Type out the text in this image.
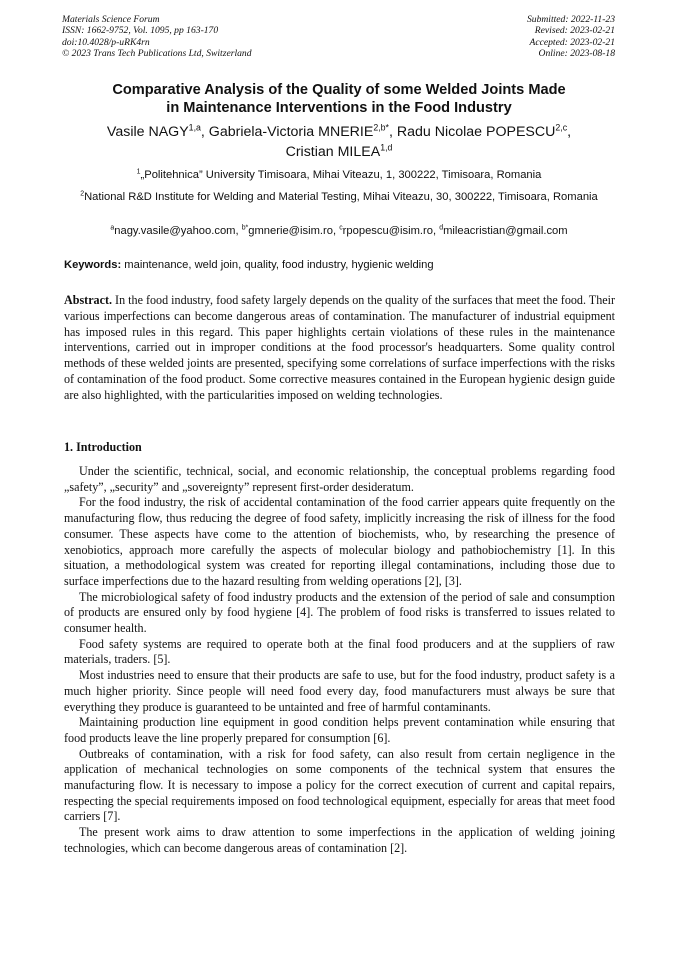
Materials Science Forum
ISSN: 1662-9752, Vol. 1095, pp 163-170
doi:10.4028/p-uRK4rn
© 2023 Trans Tech Publications Ltd, Switzerland
Submitted: 2022-11-23
Revised: 2023-02-21
Accepted: 2023-02-21
Online: 2023-08-18
Comparative Analysis of the Quality of some Welded Joints Made
in Maintenance Interventions in the Food Industry
Vasile NAGY$^{1,a}$, Gabriela-Victoria $MNERIE^{2,b*}$, Radu Nicolae POPESCU$^{2,c}$,
Cristian MILEA$^{1,d}$
$^1$„Politehnica” University Timisoara, Mihai Viteazu, 1, 300222, Timisoara, Romania
$^2$National R&D Institute for Welding and Material Testing, Mihai Viteazu, 30, 300222, Timisoara, Romania
$^a$nagy.vasile@yahoo.com, $^{b*}$gmnerie@isim.ro, $^c$rpopescu@isim.ro, $^d$mileacristian@gmail.com
Keywords: maintenance, weld join, quality, food industry, hygienic welding
Abstract. In the food industry, food safety largely depends on the quality of the surfaces that meet the food. Their various imperfections can become dangerous areas of contamination. The manufacturer of industrial equipment has imposed rules in this regard. This paper highlights certain violations of these rules in the maintenance interventions, carried out in improper conditions at the food processor's headquarters. Some quality control methods of these welded joints are presented, specifying some correlations of surface imperfections with the risks of contamination of the food product. Some corrective measures contained in the European hygienic design guide are also highlighted, with the particularities imposed on welding technologies.
1. Introduction

Under the scientific, technical, social, and economic relationship, the conceptual problems regarding food „safety”, „security” and „sovereignty” represent first-order desideratum.

For the food industry, the risk of accidental contamination of the food carrier appears quite frequently on the manufacturing flow, thus reducing the degree of food safety, implicitly increasing the risk of illness for the food consumer. These aspects have come to the attention of biochemists, who, by researching the presence of xenobiotics, approach more carefully the aspects of molecular biology and pathobiochemistry [1]. In this situation, a methodological system was created for reporting illegal contaminations, including those due to surface imperfections due to the hazard resulting from welding operations [2], [3].

The microbiological safety of food industry products and the extension of the period of sale and consumption of products are ensured only by food hygiene [4]. The problem of food risks is transferred to issues related to consumer health.

Food safety systems are required to operate both at the final food producers and at the suppliers of raw materials, traders. [5].

Most industries need to ensure that their products are safe to use, but for the food industry, product safety is a much higher priority. Since people will need food every day, food manufacturers must always be sure that everything they produce is guaranteed to be untainted and free of harmful contaminants.

Maintaining production line equipment in good condition helps prevent contamination while ensuring that food products leave the line properly prepared for consumption [6].

Outbreaks of contamination, with a risk for food safety, can also result from certain negligence in the application of mechanical technologies on some components of the technical system that ensures the manufacturing flow. It is necessary to impose a policy for the correct execution of current and capital repairs, respecting the special requirements imposed on food technological equipment, especially for areas that meet food carriers [7].

The present work aims to draw attention to some imperfections in the application of welding joining technologies, which can become dangerous areas of contamination [2].
